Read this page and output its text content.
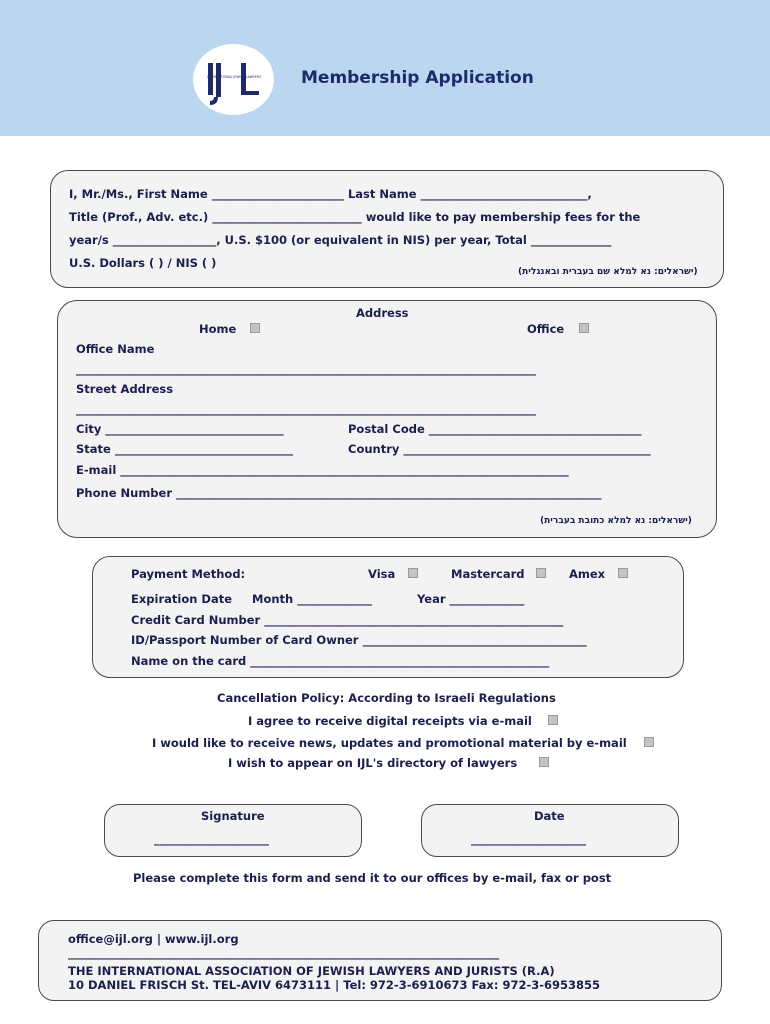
INTERNATIONAL JEWISH LAWYERS Membership Application
I, Mr./Ms., First Name _______________________ Last Name _____________________________,
Title (Prof., Adv. etc.) __________________________ would like to pay membership fees for the
year/s __________________, U.S. $100 (or equivalent in NIS) per year, Total ______________
U.S. Dollars ( ) / NIS ( )
(ישראלים: נא למלא שם בעברית ובאנגלית)
Address
Home	Office
Office Name
________________________________________________________________________________
Street Address
________________________________________________________________________________
City _______________________________	Postal Code _____________________________________
State _______________________________	Country ___________________________________________
E-mail ______________________________________________________________________________
Phone Number __________________________________________________________________________
(ישראלים: נא למלא כתובת בעברית)
Payment Method:	Visa	Mastercard	Amex
Expiration Date Month _____________	Year _____________
Credit Card Number ____________________________________________________
ID/Passport Number of Card Owner _______________________________________
Name on the card ____________________________________________________
Cancellation Policy: According to Israeli Regulations
I agree to receive digital receipts via e-mail
I would like to receive news, updates and promotional material by e-mail
I wish to appear on IJL's directory of lawyers
Signature
____________________
Date
____________________
Please complete this form and send it to our offices by e-mail, fax or post
office@ijl.org | www.ijl.org
___________________________________________________________________________
THE INTERNATIONAL ASSOCIATION OF JEWISH LAWYERS AND JURISTS (R.A)
10 DANIEL FRISCH St. TEL-AVIV 6473111 | Tel: 972-3-6910673 Fax: 972-3-6953855
